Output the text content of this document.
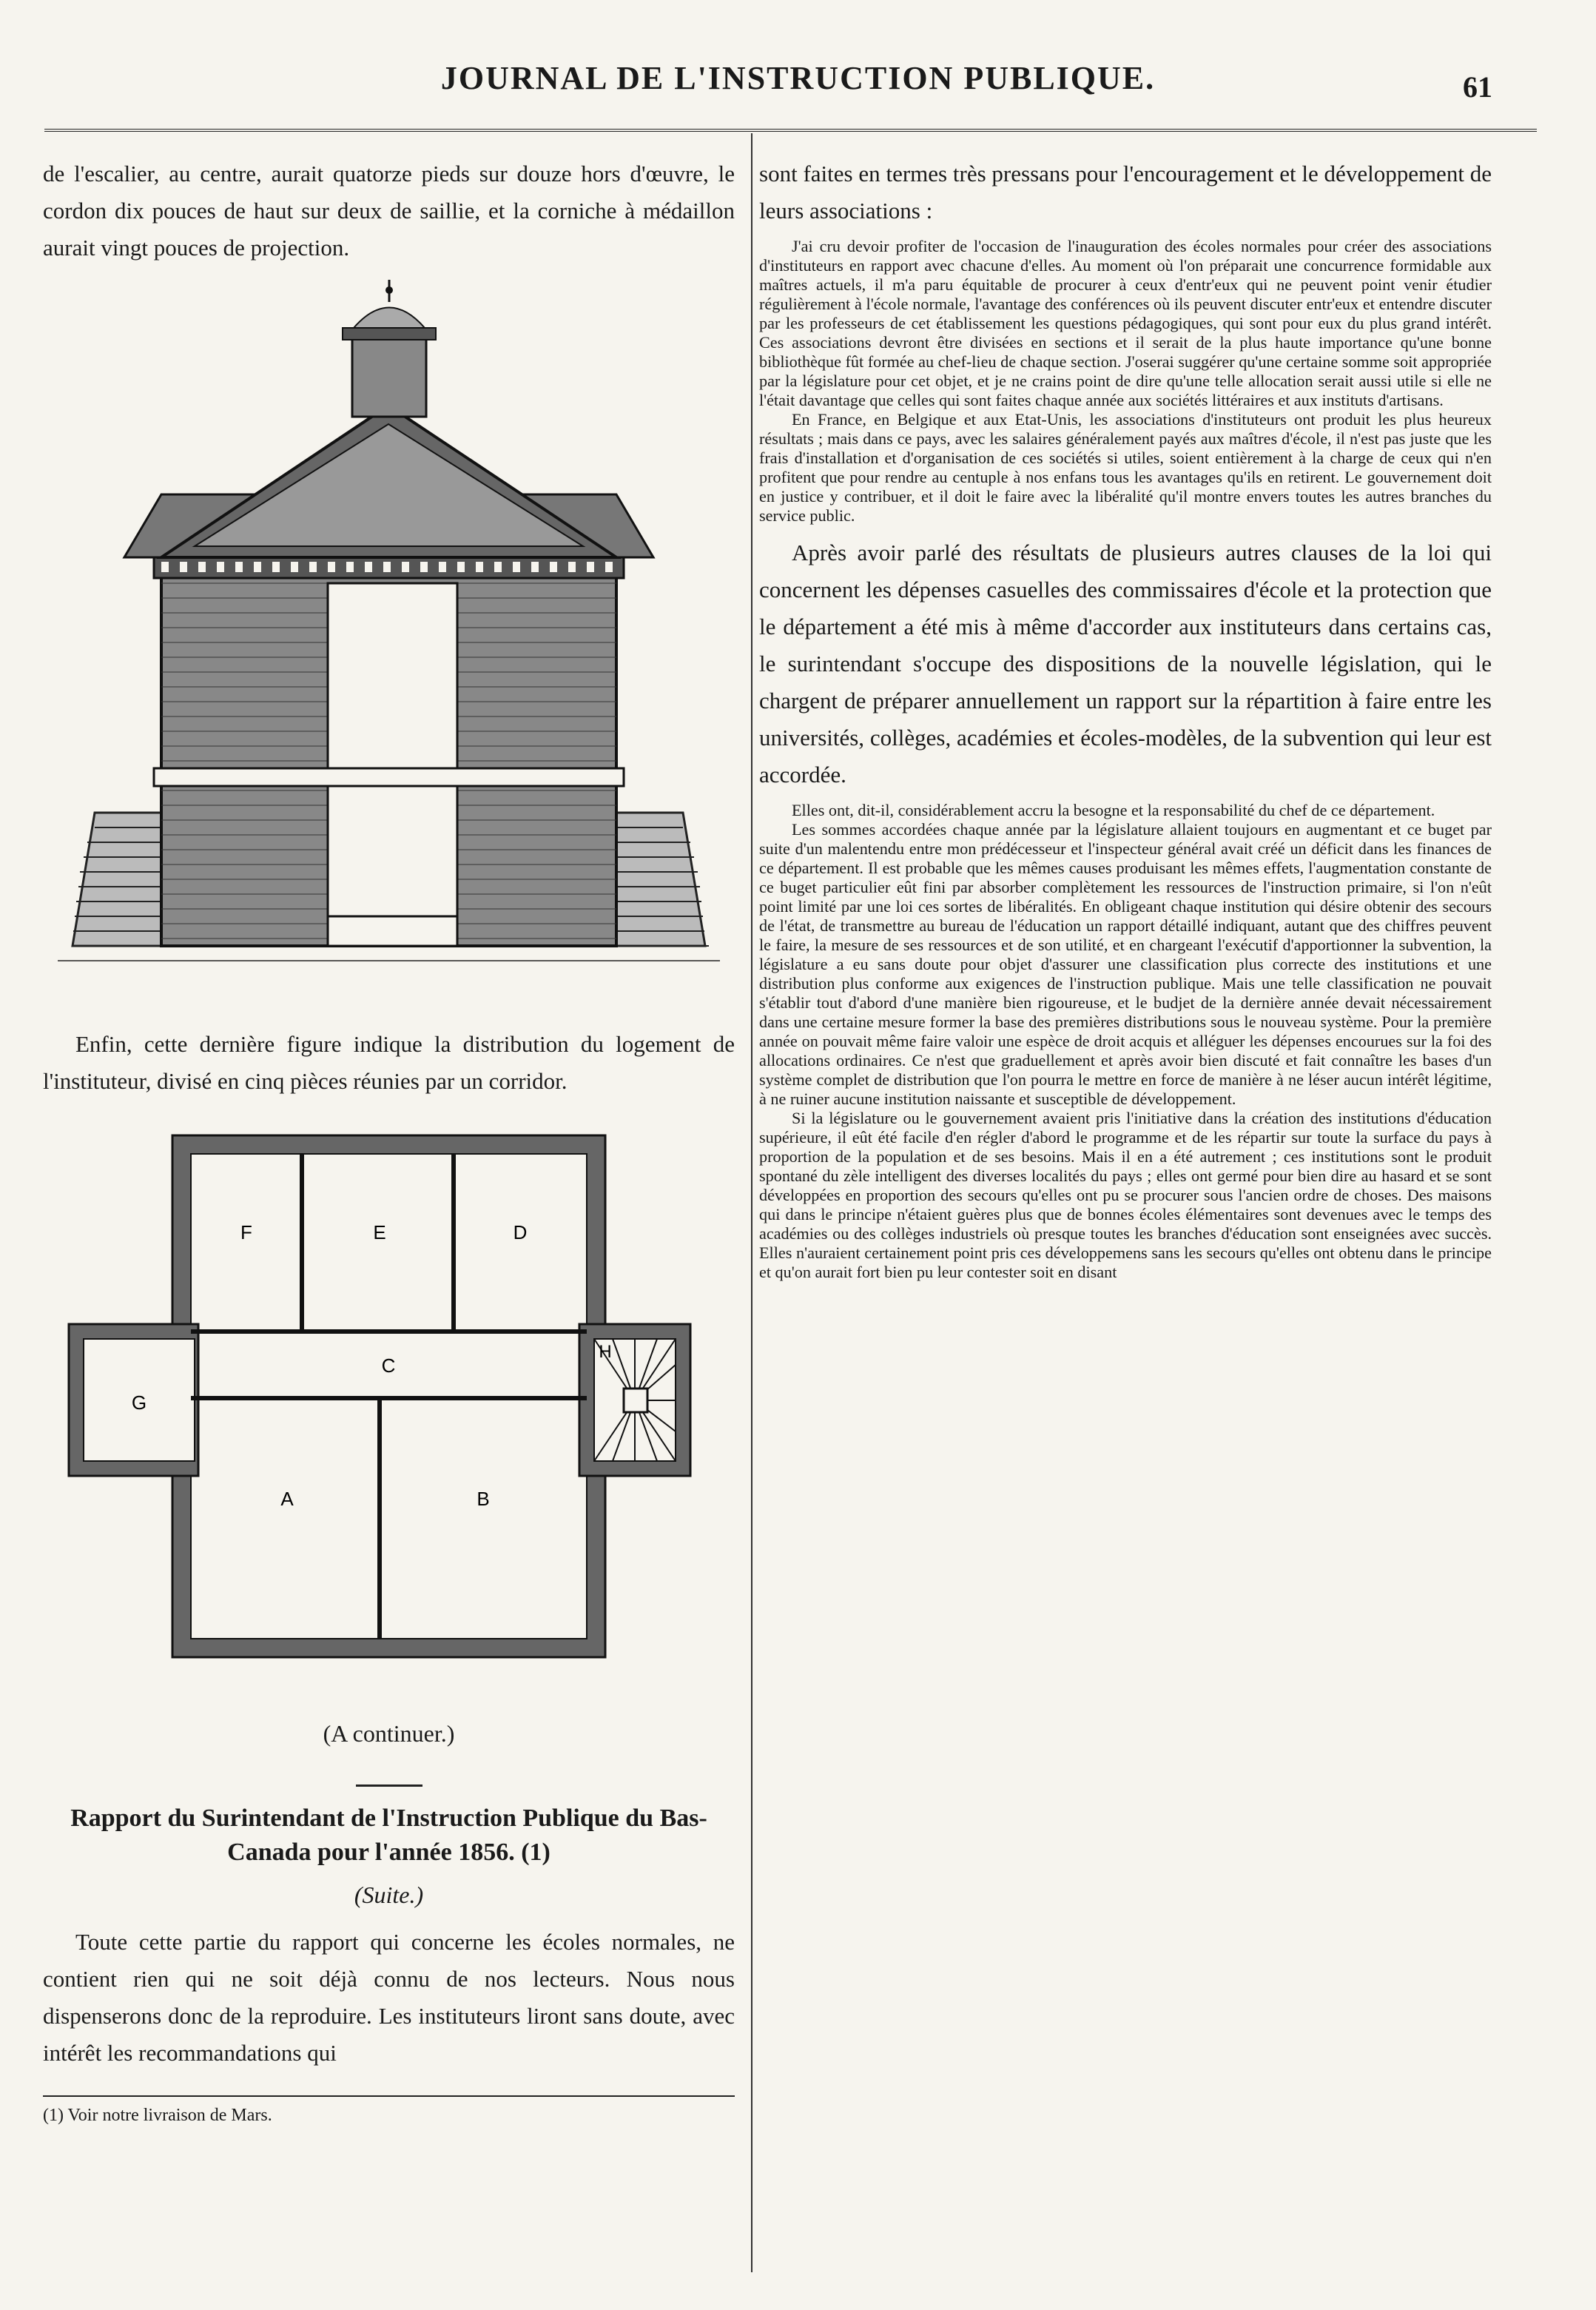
JOURNAL DE L'INSTRUCTION PUBLIQUE.	61

de l'escalier, au centre, aurait quatorze pieds sur douze hors d'œuvre, le cordon dix pouces de haut sur deux de saillie, et la corniche à médaillon aurait vingt pouces de projection.

Enfin, cette dernière figure indique la distribution du logement de l'instituteur, divisé en cinq pièces réunies par un corridor.

F	E	D
G
C
H
A	B
(A continuer.)
Rapport du Surintendant de l'Instruction Publique du Bas-Canada pour l'année 1856. (1)
(Suite.)

Toute cette partie du rapport qui concerne les écoles normales, ne contient rien qui ne soit déjà connu de nos lecteurs. Nous nous dispenserons donc de la reproduire. Les instituteurs liront sans doute, avec intérêt les recommandations qui

(1) Voir notre livraison de Mars.

sont faites en termes très pressans pour l'encouragement et le développement de leurs associations :

J'ai cru devoir profiter de l'occasion de l'inauguration des écoles normales pour créer des associations d'instituteurs en rapport avec chacune d'elles. Au moment où l'on préparait une concurrence formidable aux maîtres actuels, il m'a paru équitable de procurer à ceux d'entr'eux qui ne peuvent point venir étudier régulièrement à l'école normale, l'avantage des conférences où ils peuvent discuter entr'eux et entendre discuter par les professeurs de cet établissement les questions pédagogiques, qui sont pour eux du plus grand intérêt. Ces associations devront être divisées en sections et il serait de la plus haute importance qu'une bonne bibliothèque fût formée au chef-lieu de chaque section. J'oserai suggérer qu'une certaine somme soit appropriée par la législature pour cet objet, et je ne crains point de dire qu'une telle allocation serait aussi utile si elle ne l'était davantage que celles qui sont faites chaque année aux sociétés littéraires et aux instituts d'artisans.

En France, en Belgique et aux Etat-Unis, les associations d'instituteurs ont produit les plus heureux résultats ; mais dans ce pays, avec les salaires généralement payés aux maîtres d'école, il n'est pas juste que les frais d'installation et d'organisation de ces sociétés si utiles, soient entièrement à la charge de ceux qui n'en profitent que pour rendre au centuple à nos enfans tous les avantages qu'ils en retirent. Le gouvernement doit en justice y contribuer, et il doit le faire avec la libéralité qu'il montre envers toutes les autres branches du service public.

Après avoir parlé des résultats de plusieurs autres clauses de la loi qui concernent les dépenses casuelles des commissaires d'école et la protection que le département a été mis à même d'accorder aux instituteurs dans certains cas, le surintendant s'occupe des dispositions de la nouvelle législation, qui le chargent de préparer annuellement un rapport sur la répartition à faire entre les universités, collèges, académies et écoles-modèles, de la subvention qui leur est accordée.

Elles ont, dit-il, considérablement accru la besogne et la responsabilité du chef de ce département.

Les sommes accordées chaque année par la législature allaient toujours en augmentant et ce buget par suite d'un malentendu entre mon prédécesseur et l'inspecteur général avait créé un déficit dans les finances de ce département. Il est probable que les mêmes causes produisant les mêmes effets, l'augmentation constante de ce buget particulier eût fini par absorber complètement les ressources de l'instruction primaire, si l'on n'eût point limité par une loi ces sortes de libéralités. En obligeant chaque institution qui désire obtenir des secours de l'état, de transmettre au bureau de l'éducation un rapport détaillé indiquant, autant que des chiffres peuvent le faire, la mesure de ses ressources et de son utilité, et en chargeant l'exécutif d'apportionner la subvention, la législature a eu sans doute pour objet d'assurer une classification plus correcte des institutions et une distribution plus conforme aux exigences de l'instruction publique. Mais une telle classification ne pouvait s'établir tout d'abord d'une manière bien rigoureuse, et le budjet de la dernière année devait nécessairement dans une certaine mesure former la base des premières distributions sous le nouveau système. Pour la première année on pouvait même faire valoir une espèce de droit acquis et alléguer les dépenses encourues sur la foi des allocations ordinaires. Ce n'est que graduellement et après avoir bien discuté et fait connaître les bases d'un système complet de distribution que l'on pourra le mettre en force de manière à ne léser aucun intérêt légitime, à ne ruiner aucune institution naissante et susceptible de développement.

Si la législature ou le gouvernement avaient pris l'initiative dans la création des institutions d'éducation supérieure, il eût été facile d'en régler d'abord le programme et de les répartir sur toute la surface du pays à proportion de la population et de ses besoins. Mais il en a été autrement ; ces institutions sont le produit spontané du zèle intelligent des diverses localités du pays ; elles ont germé pour bien dire au hasard et se sont développées en proportion des secours qu'elles ont pu se procurer sous l'ancien ordre de choses. Des maisons qui dans le principe n'étaient guères plus que de bonnes écoles élémentaires sont devenues avec le temps des académies ou des collèges industriels où presque toutes les branches d'éducation sont enseignées avec succès. Elles n'auraient certainement point pris ces développemens sans les secours qu'elles ont obtenu dans le principe et qu'on aurait fort bien pu leur contester soit en disant
